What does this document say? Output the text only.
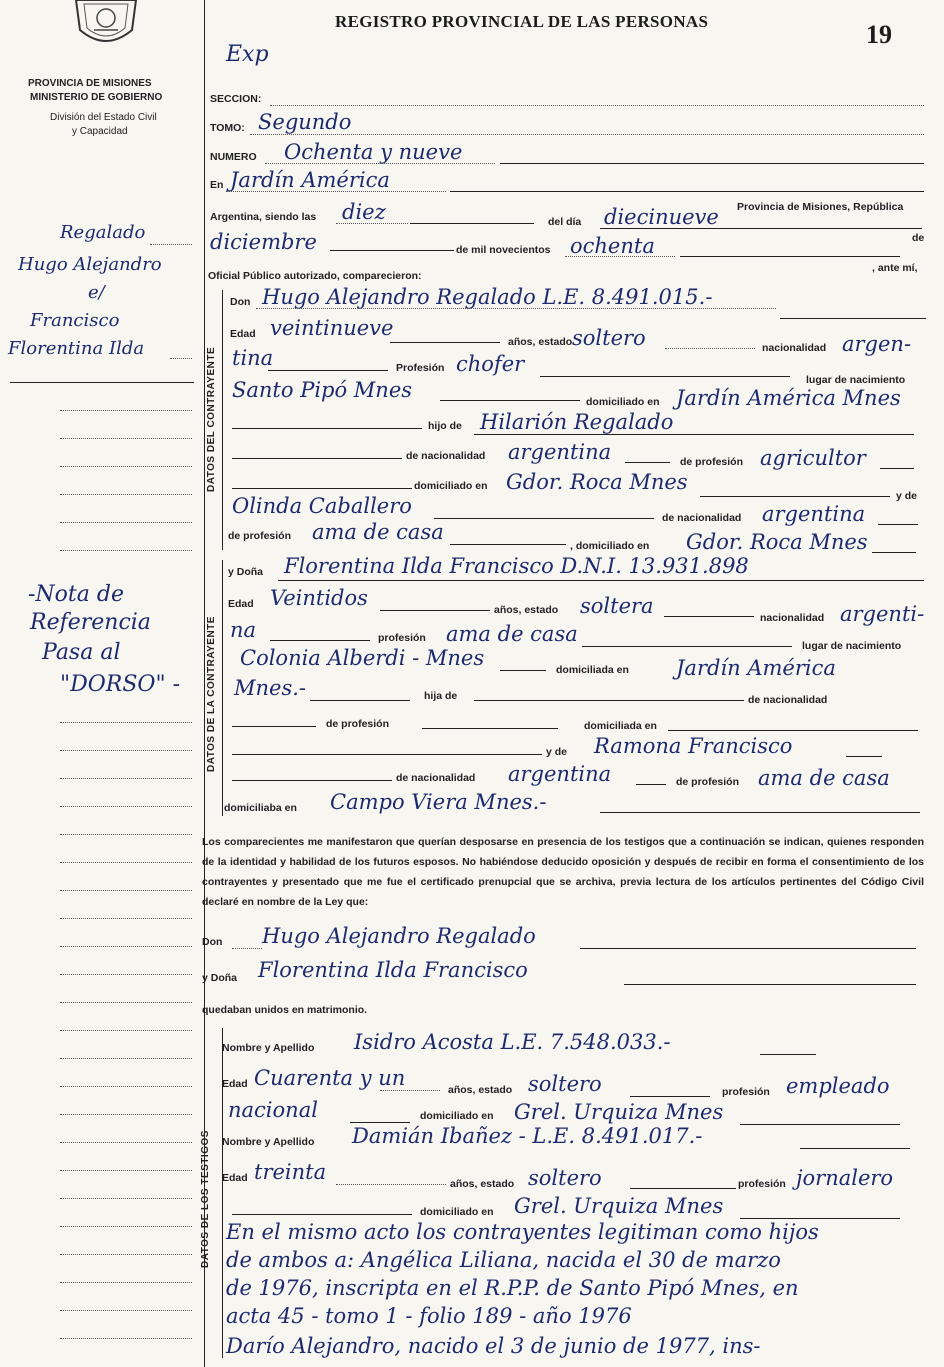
PROVINCIA DE MISIONES
MINISTERIO DE GOBIERNO
División del Estado Civil
y Capacidad
Regalado
Hugo Alejandro
e/
Francisco
Florentina Ilda
-Nota de
Referencia
Pasa al
"DORSO" -
REGISTRO PROVINCIAL DE LAS PERSONAS	19
Exp
SECCION:
TOMO: Segundo
NUMERO Ochenta y nueve
En Jardín América
Provincia de Misiones, República
Argentina, siendo las diez	del día diecinueve
diciembre	de mil novecientos ochenta	de
, ante mí,
Oficial Público autorizado, comparecieron:
DATOS DEL CONTRAYENTE
Don Hugo Alejandro Regalado L.E. 8.491.015.-
Edad veintinueve
años, estado soltero	nacionalidad argen-
tina	Profesión chofer
lugar de nacimiento
Santo Pipó Mnes	domiciliado en Jardín América Mnes
hijo de Hilarión Regalado
de nacionalidad argentina	de profesión agricultor
domiciliado en Gdor. Roca Mnes
y de
Olinda Caballero	de nacionalidad argentina
de profesión ama de casa
, domiciliado en Gdor. Roca Mnes
DATOS DE LA CONTRAYENTE
y Doña Florentina Ilda Francisco D.N.I. 13.931.898
Edad Veintidos	años, estado soltera	nacionalidad argenti-
na	profesión ama de casa	lugar de nacimiento
Colonia Alberdi - Mnes	domiciliada en Jardín América
Mnes.-	hija de	de nacionalidad
de profesión	domiciliada en
y de Ramona Francisco
de nacionalidad argentina	de profesión ama de casa
domiciliaba en Campo Viera Mnes.-
Los comparecientes me manifestaron que querían desposarse en presencia de los testigos que a continuación se indican, quienes responden de la identidad y habilidad de los futuros esposos. No habiéndose deducido oposición y después de recibir en forma el consentimiento de los contrayentes y presentado que me fue el certificado prenupcial que se archiva, previa lectura de los artículos pertinentes del Código Civil declaré en nombre de la Ley que:
Don Hugo Alejandro Regalado
y Doña Florentina Ilda Francisco
quedaban unidos en matrimonio.
DATOS DE LOS TESTIGOS
Nombre y Apellido Isidro Acosta L.E. 7.548.033.-
Edad Cuarenta y un	años, estado soltero	profesión empleado
nacional	domiciliado en Grel. Urquiza Mnes
Nombre y Apellido Damián Ibañez - L.E. 8.491.017.-
Edad treinta	años, estado soltero	profesión jornalero
domiciliado en Grel. Urquiza Mnes
En el mismo acto los contrayentes legitiman como hijos
de ambos a: Angélica Liliana, nacida el 30 de marzo
de 1976, inscripta en el R.P.P. de Santo Pipó Mnes, en
acta 45 - tomo 1 - folio 189 - año 1976
Darío Alejandro, nacido el 3 de junio de 1977, ins-
